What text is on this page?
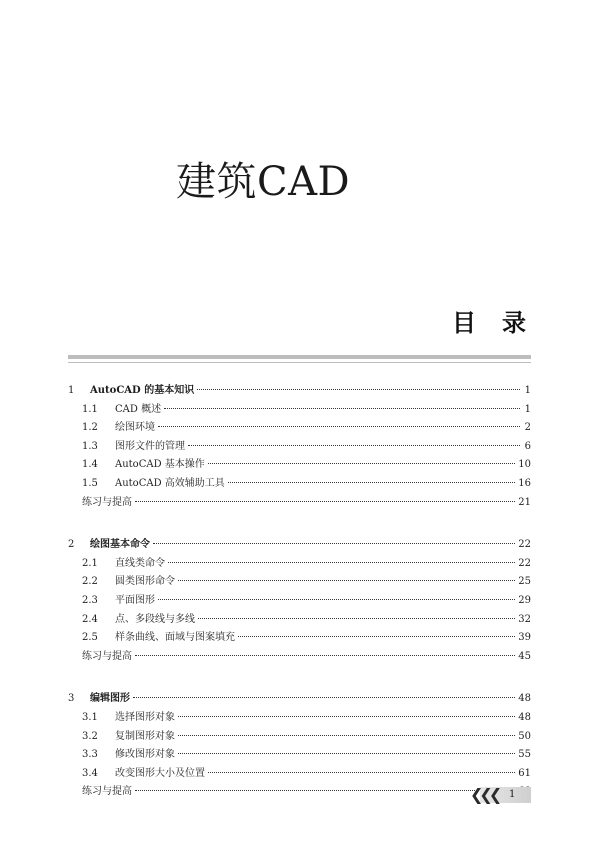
建筑CAD
目录
1 AutoCAD 的基本知识	1
1.1 CAD 概述	1
1.2 绘图环境	2
1.3 图形文件的管理	6
1.4 AutoCAD 基本操作	10
1.5 AutoCAD 高效辅助工具	16
练习与提高	21
2 绘图基本命令	22
2.1 直线类命令	22
2.2 圆类图形命令	25
2.3 平面图形	29
2.4 点、多段线与多线	32
2.5 样条曲线、面域与图案填充	39
练习与提高	45
3 编辑图形	48
3.1 选择图形对象	48
3.2 复制图形对象	50
3.3 修改图形对象	55
3.4 改变图形大小及位置	61
练习与提高	❮❮❮ 1
